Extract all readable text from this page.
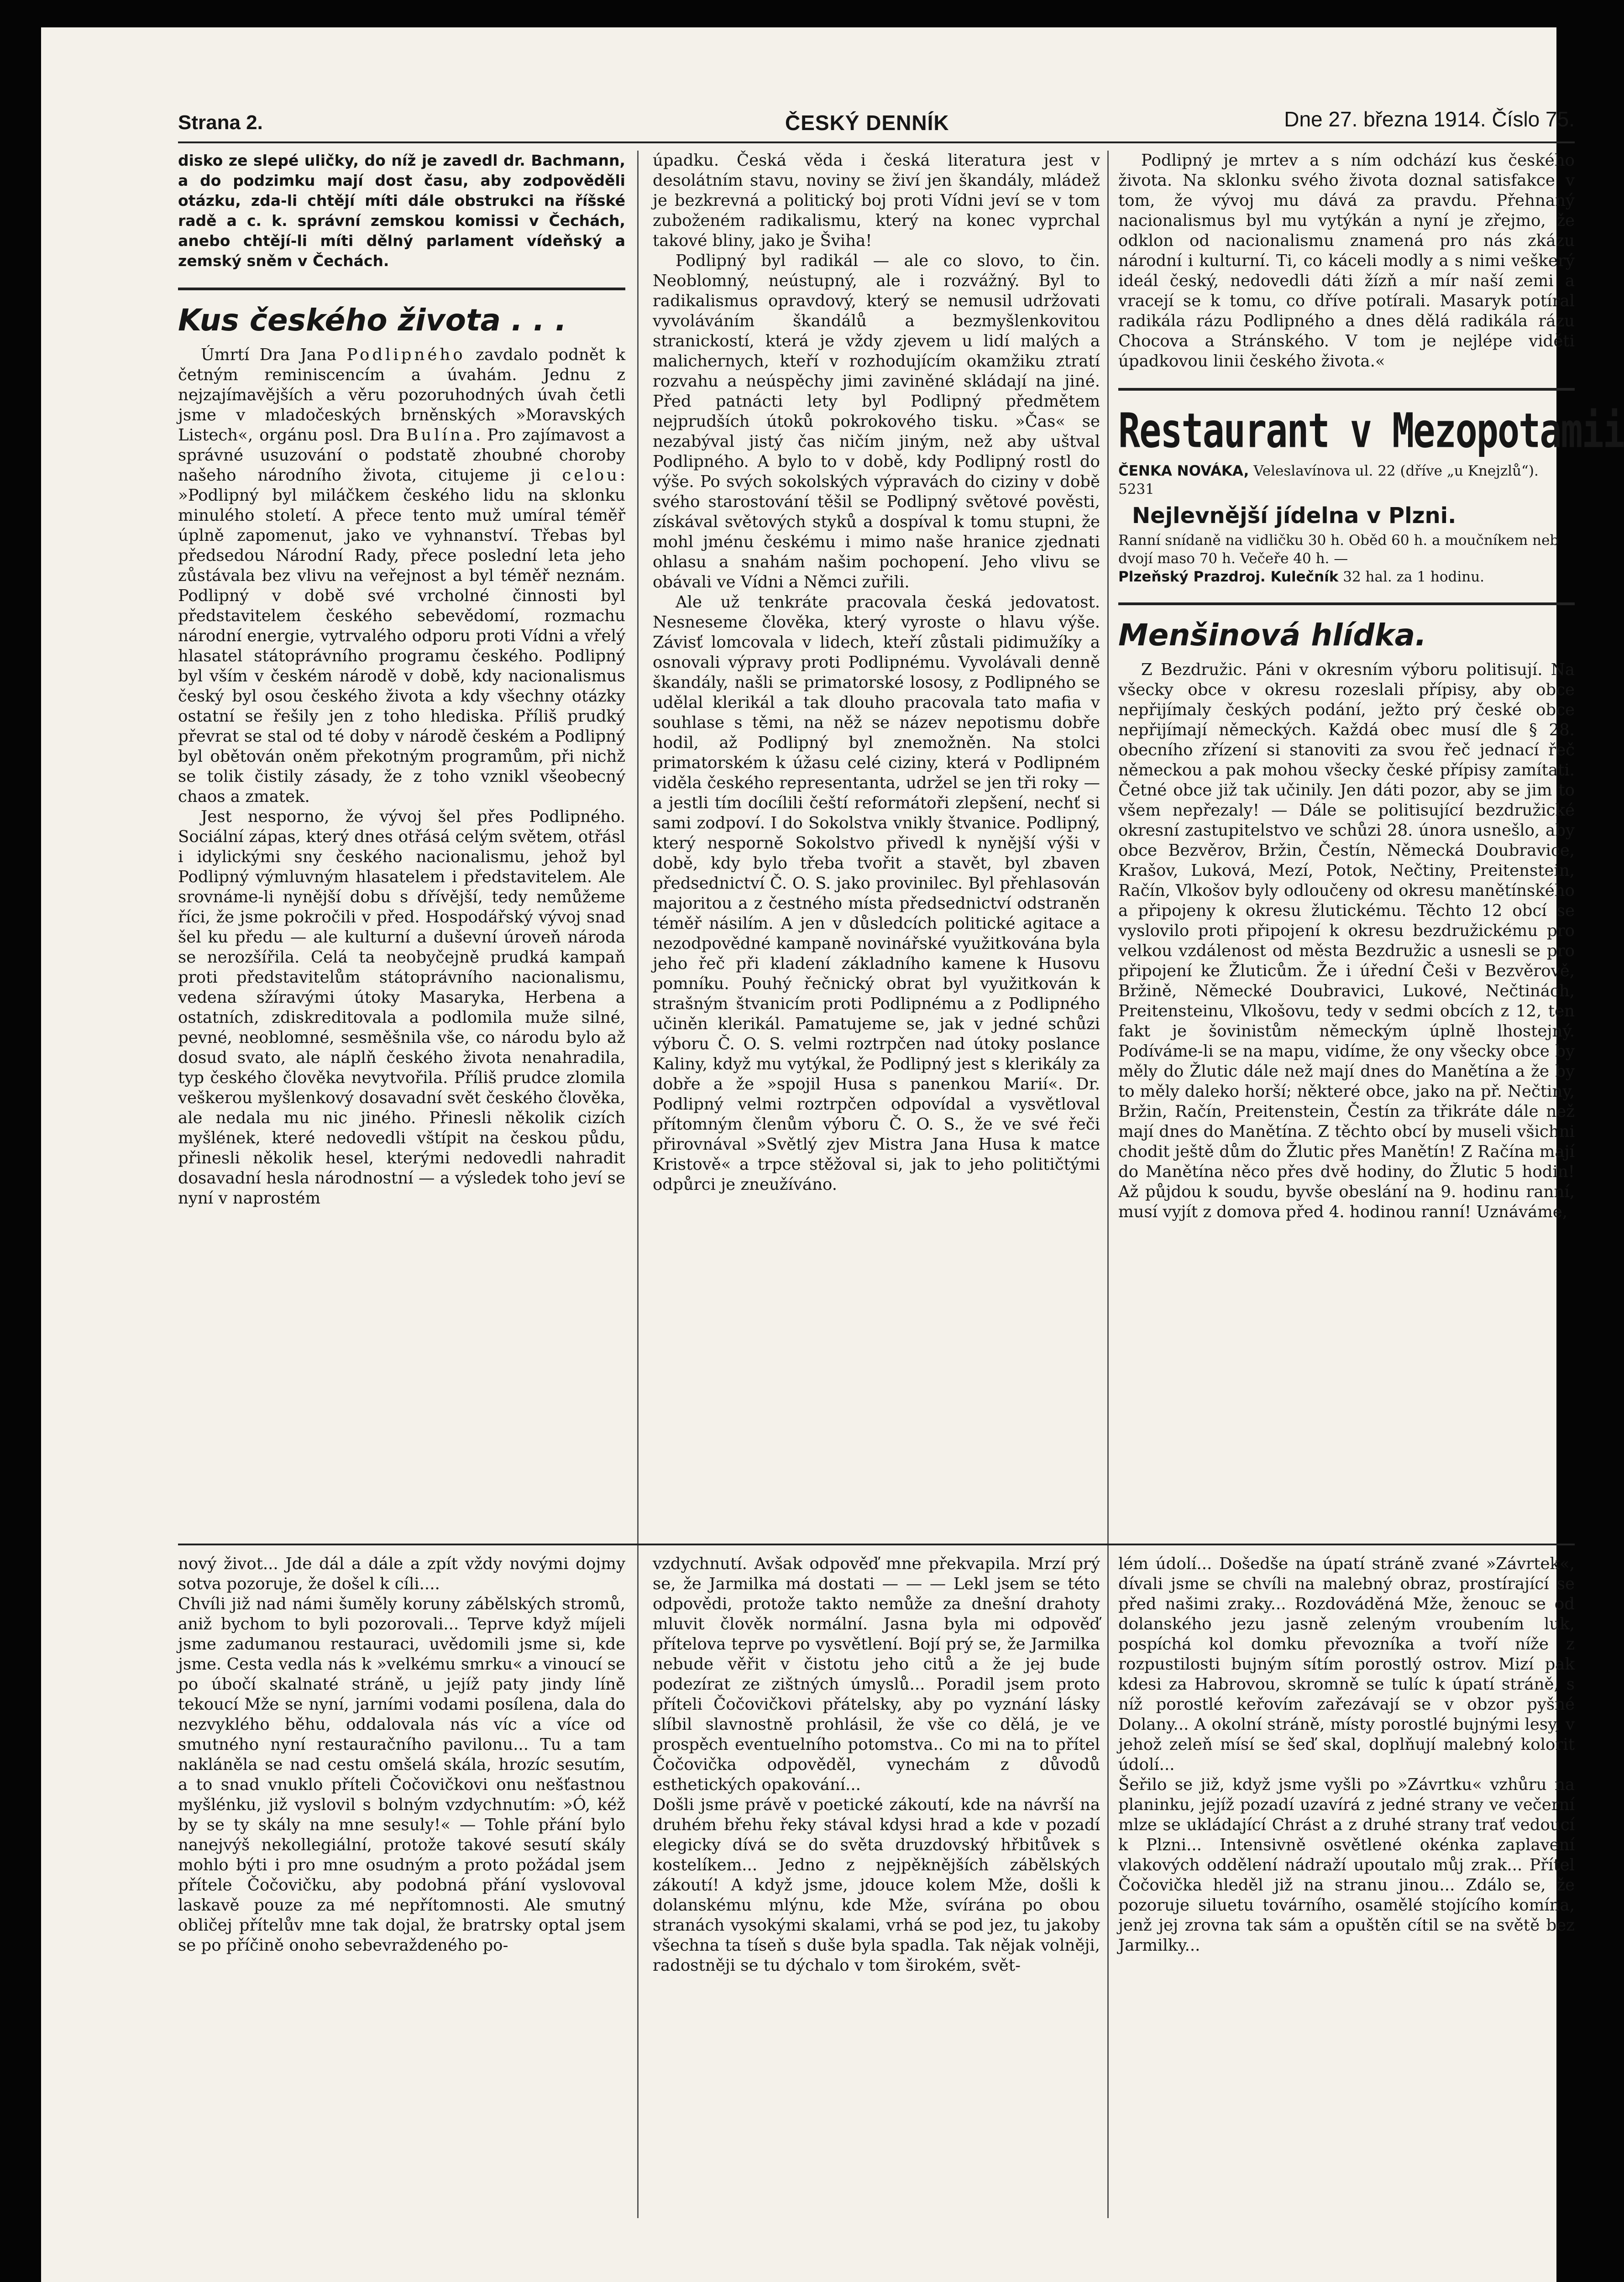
Strana 2.	ČESKÝ DENNÍK	Dne 27. března 1914. Číslo 75.

disko ze slepé uličky, do níž je zavedl dr. Bachmann, a do podzimku mají dost času, aby zodpověděli otázku, zda-li chtějí míti dále obstrukci na říšské radě a c. k. správní zemskou komissi v Čechách, anebo chtějí-li míti dělný parlament vídeňský a zemský sněm v Čechách.

Kus českého života . . .

Úmrtí Dra Jana Podlipného zavdalo podnět k četným reminiscencím a úvahám. Jednu z nejzajímavějších a věru pozoruhodných úvah četli jsme v mladočeských brněnských »Moravských Listech«, orgánu posl. Dra Bulína. Pro zajímavost a správné usuzování o podstatě zhoubné choroby našeho národního života, citujeme ji celou: »Podlipný byl miláčkem českého lidu na sklonku minulého století. A přece tento muž umíral téměř úplně zapomenut, jako ve vyhnanství. Třebas byl předsedou Národní Rady, přece poslední leta jeho zůstávala bez vlivu na veřejnost a byl téměř neznám. Podlipný v době své vrcholné činnosti byl představitelem českého sebevědomí, rozmachu národní energie, vytrvalého odporu proti Vídni a vřelý hlasatel státoprávního programu českého. Podlipný byl vším v českém národě v době, kdy nacionalismus český byl osou českého života a kdy všechny otázky ostatní se řešily jen z toho hlediska. Příliš prudký převrat se stal od té doby v národě českém a Podlipný byl obětován oněm překotným programům, při nichž se tolik čistily zásady, že z toho vznikl všeobecný chaos a zmatek.

Jest nesporno, že vývoj šel přes Podlipného. Sociální zápas, který dnes otřásá celým světem, otřásl i idylickými sny českého nacionalismu, jehož byl Podlipný výmluvným hlasatelem i představitelem. Ale srovnáme-li nynější dobu s dřívější, tedy nemůžeme říci, že jsme pokročili v před. Hospodářský vývoj snad šel ku předu — ale kulturní a duševní úroveň národa se nerozšířila. Celá ta neobyčejně prudká kampaň proti představitelům státoprávního nacionalismu, vedena sžíravými útoky Masaryka, Herbena a ostatních, zdiskreditovala a podlomila muže silné, pevné, neoblomné, sesměšnila vše, co národu bylo až dosud svato, ale náplň českého života nenahradila, typ českého člověka nevytvořila. Příliš prudce zlomila veškerou myšlenkový dosavadní svět českého člověka, ale nedala mu nic jiného. Přinesli několik cizích myšlének, které nedovedli vštípit na českou půdu, přinesli několik hesel, kterými nedovedli nahradit dosavadní hesla národnostní — a výsledek toho jeví se nyní v naprostém

úpadku. Česká věda i česká literatura jest v desolátním stavu, noviny se živí jen škandály, mládež je bezkrevná a politický boj proti Vídni jeví se v tom zuboženém radikalismu, který na konec vyprchal takové bliny, jako je Šviha!

Podlipný byl radikál — ale co slovo, to čin. Neoblomný, neústupný, ale i rozvážný. Byl to radikalismus opravdový, který se nemusil udržovati vyvoláváním škandálů a bezmyšlenkovitou stranickostí, která je vždy zjevem u lidí malých a malichernych, kteří v rozhodujícím okamžiku ztratí rozvahu a neúspěchy jimi zaviněné skládají na jiné. Před patnácti lety byl Podlipný předmětem nejprudších útoků pokrokového tisku. »Čas« se nezabýval jistý čas ničím jiným, než aby uštval Podlipného. A bylo to v době, kdy Podlipný rostl do výše. Po svých sokolských výpravách do ciziny v době svého starostování těšil se Podlipný světové pověsti, získával světových styků a dospíval k tomu stupni, že mohl jménu českému i mimo naše hranice zjednati ohlasu a snahám našim pochopení. Jeho vlivu se obávali ve Vídni a Němci zuřili.

Ale už tenkráte pracovala česká jedovatost. Nesneseme člověka, který vyroste o hlavu výše. Závisť lomcovala v lidech, kteří zůstali pidimužíky a osnovali výpravy proti Podlipnému. Vyvolávali denně škandály, našli se primatorské lososy, z Podlipného se udělal klerikál a tak dlouho pracovala tato mafia v souhlase s těmi, na něž se název nepotismu dobře hodil, až Podlipný byl znemožněn. Na stolci primatorském k úžasu celé ciziny, která v Podlipném viděla českého representanta, udržel se jen tři roky — a jestli tím docílili čeští reformátoři zlepšení, nechť si sami zodpoví. I do Sokolstva vnikly štvanice. Podlipný, který nesporně Sokolstvo přivedl k nynější výši v době, kdy bylo třeba tvořit a stavět, byl zbaven předsednictví Č. O. S. jako provinilec. Byl přehlasován majoritou a z čestného místa předsednictví odstraněn téměř násilím. A jen v důsledcích politické agitace a nezodpovědné kampaně novinářské využitkována byla jeho řeč při kladení základního kamene k Husovu pomníku. Pouhý řečnický obrat byl využitkován k strašným štvanicím proti Podlipnému a z Podlipného učiněn klerikál. Pamatujeme se, jak v jedné schůzi výboru Č. O. S. velmi roztrpčen nad útoky poslance Kaliny, když mu vytýkal, že Podlipný jest s klerikály za dobře a že »spojil Husa s panenkou Marií«. Dr. Podlipný velmi roztrpčen odpovídal a vysvětloval přítomným členům výboru Č. O. S., že ve své řeči přirovnával »Světlý zjev Mistra Jana Husa k matce Kristově« a trpce stěžoval si, jak to jeho političtými odpůrci je zneužíváno.

Podlipný je mrtev a s ním odchází kus českého života. Na sklonku svého života doznal satisfakce v tom, že vývoj mu dává za pravdu. Přehnaný nacionalismus byl mu vytýkán a nyní je zřejmo, že odklon od nacionalismu znamená pro nás zkázu národní i kulturní. Ti, co káceli modly a s nimi veškerý ideál český, nedovedli dáti žízň a mír naší zemi a vracejí se k tomu, co dříve potírali. Masaryk potíral radikála rázu Podlipného a dnes dělá radikála rázu Chocova a Stránského. V tom je nejlépe viděti úpadkovou linii českého života.«

Restaurant v Mezopotamii

ČENKA NOVÁKA, Veleslavínova ul. 22 (dříve „u Knejzlů“). 5231

Nejlevnější jídelna v Plzni.

Ranní snídaně na vidličku 30 h. Oběd 60 h. a moučníkem neb dvojí maso 70 h. Večeře 40 h. —

Plzeňský Prazdroj. Kulečník 32 hal. za 1 hodinu.

Menšinová hlídka.

Z Bezdružic. Páni v okresním výboru politisují. Na všecky obce v okresu rozeslali přípisy, aby obce nepřijímaly českých podání, ježto prý české obce nepřijímají německých. Každá obec musí dle § 28. obecního zřízení si stanoviti za svou řeč jednací řeč německou a pak mohou všecky české přípisy zamítati. Četné obce již tak učinily. Jen dáti pozor, aby se jim to všem nepřezaly! — Dále se politisující bezdružické okresní zastupitelstvo ve schůzi 28. února usnešlo, aby obce Bezvěrov, Bržin, Čestín, Německá Doubravice, Krašov, Luková, Mezí, Potok, Nečtiny, Preitenstein, Račín, Vlkošov byly odloučeny od okresu manětínského a připojeny k okresu žlutickému. Těchto 12 obcí se vyslovilo proti připojení k okresu bezdružickému pro velkou vzdálenost od města Bezdružic a usnesli se pro připojení ke Žluticům. Že i úřední Češi v Bezvěrově, Bržině, Německé Doubravici, Lukové, Nečtinách, Preitensteinu, Vlkošovu, tedy v sedmi obcích z 12, ten fakt je šovinistům německým úplně lhostejný. Podíváme-li se na mapu, vidíme, že ony všecky obce by měly do Žlutic dále než mají dnes do Manětína a že by to měly daleko horší; některé obce, jako na př. Nečtiny, Bržin, Račín, Preitenstein, Čestín za třikráte dále než mají dnes do Manětína. Z těchto obcí by museli všichni chodit ještě dům do Žlutic přes Manětín! Z Račína mají do Manětína něco přes dvě hodiny, do Žlutic 5 hodin! Až půjdou k soudu, byvše obeslání na 9. hodinu ranní, musí vyjít z domova před 4. hodinou ranní! Uznáváme,

nový život... Jde dál a dále a zpít vždy novými dojmy sotva pozoruje, že došel k cíli....
Chvíli již nad námi šuměly koruny zábělských stromů, aniž bychom to byli pozorovali... Teprve když míjeli jsme zadumanou restauraci, uvědomili jsme si, kde jsme. Cesta vedla nás k »velkému smrku« a vinoucí se po úbočí skalnaté stráně, u jejíž paty jindy líně tekoucí Mže se nyní, jarními vodami posílena, dala do nezvyklého běhu, oddalovala nás víc a více od smutného nyní restauračního pavilonu... Tu a tam nakláněla se nad cestu omšelá skála, hrozíc sesutím, a to snad vnuklo příteli Čočovičkovi onu nešťastnou myšlénku, již vyslovil s bolným vzdychnutím: »Ó, kéž by se ty skály na mne sesuly!« — Tohle přání bylo nanejvýš nekollegiální, protože takové sesutí skály mohlo býti i pro mne osudným a proto požádal jsem přítele Čočovičku, aby podobná přání vyslovoval laskavě pouze za mé nepřítomnosti. Ale smutný obličej přítelův mne tak dojal, že bratrsky optal jsem se po příčině onoho sebevraždeného po-

vzdychnutí. Avšak odpověď mne překvapila. Mrzí prý se, že Jarmilka má dostati — — — Lekl jsem se této odpovědi, protože takto nemůže za dnešní drahoty mluvit člověk normální. Jasna byla mi odpověď přítelova teprve po vysvětlení. Bojí prý se, že Jarmilka nebude věřit v čistotu jeho citů a že jej bude podezírat ze zištných úmyslů... Poradil jsem proto příteli Čočovičkovi přátelsky, aby po vyznání lásky slíbil slavnostně prohlásil, že vše co dělá, je ve prospěch eventuelního potomstva.. Co mi na to přítel Čočovička odpověděl, vynechám z důvodů esthetických opakování...
Došli jsme právě v poetické zákoutí, kde na návrší na druhém břehu řeky stával kdysi hrad a kde v pozadí elegicky dívá se do světa druzdovský hřbitůvek s kostelíkem... Jedno z nejpěknějších zábělských zákoutí! A když jsme, jdouce kolem Mže, došli k dolanskému mlýnu, kde Mže, svírána po obou stranách vysokými skalami, vrhá se pod jez, tu jakoby všechna ta tíseň s duše byla spadla. Tak nějak volněji, radostněji se tu dýchalo v tom širokém, svět-

lém údolí... Došedše na úpatí stráně zvané »Závrtek«, dívali jsme se chvíli na malebný obraz, prostírající se před našimi zraky... Rozdováděná Mže, ženouc se od dolanského jezu jasně zeleným vroubením luk, pospíchá kol domku převozníka a tvoří níže z rozpustilosti bujným sítím porostlý ostrov. Mizí pak kdesi za Habrovou, skromně se tulíc k úpatí stráně, s níž porostlé keřovím zařezávají se v obzor pyšné Dolany... A okolní stráně, místy porostlé bujnými lesy, v jehož zeleň mísí se šeď skal, doplňují malebný kolorit údolí...
Šeřilo se již, když jsme vyšli po »Závrtku« vzhůru na planinku, jejíž pozadí uzavírá z jedné strany ve večerní mlze se ukládající Chrást a z druhé strany trať vedoucí k Plzni... Intensivně osvětlené okénka zaplavení vlakových oddělení nádraží upoutalo můj zrak... Přítel Čočovička hleděl již na stranu jinou... Zdálo se, že pozoruje siluetu továrního, osamělé stojícího komína, jenž jej zrovna tak sám a opuštěn cítil se na světě bez Jarmilky...
